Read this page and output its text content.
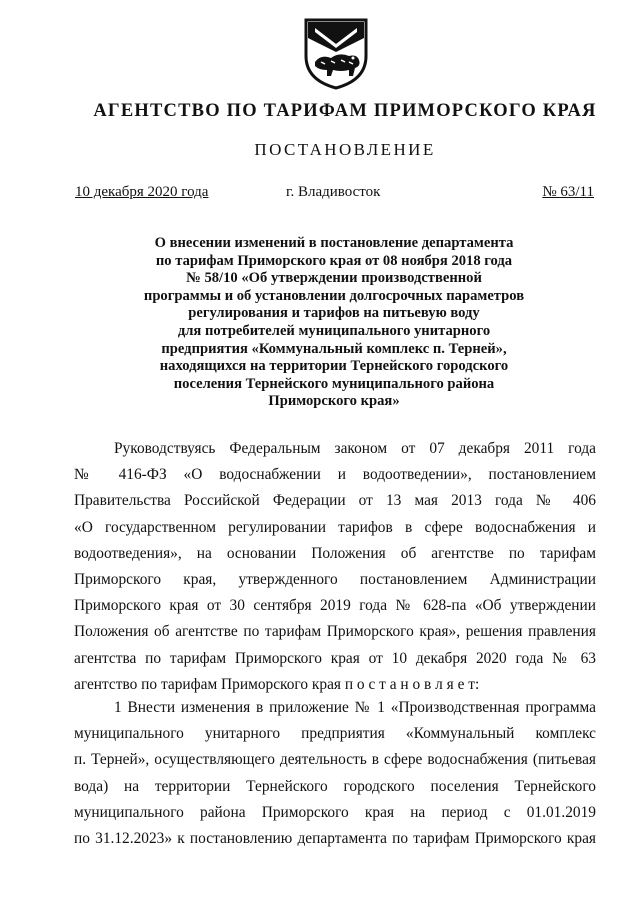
АГЕНТСТВО ПО ТАРИФАМ ПРИМОРСКОГО КРАЯ
ПОСТАНОВЛЕНИЕ
10 декабря 2020 года	г. Владивосток	№ 63/11
О внесении изменений в постановление департамента
по тарифам Приморского края от 08 ноября 2018 года
№ 58/10 «Об утверждении производственной
программы и об установлении долгосрочных параметров
регулирования и тарифов на питьевую воду
для потребителей муниципального унитарного
предприятия «Коммунальный комплекс п. Терней»,
находящихся на территории Тернейского городского
поселения Тернейского муниципального района
Приморского края»
Руководствуясь Федеральным законом от 07 декабря 2011 года
№ 416-ФЗ «О водоснабжении и водоотведении», постановлением
Правительства Российской Федерации от 13 мая 2013 года № 406
«О государственном регулировании тарифов в сфере водоснабжения и
водоотведения», на основании Положения об агентстве по тарифам
Приморского края, утвержденного постановлением Администрации
Приморского края от 30 сентября 2019 года № 628-па «Об утверждении
Положения об агентстве по тарифам Приморского края», решения правления
агентства по тарифам Приморского края от 10 декабря 2020 года № 63
агентство по тарифам Приморского края п о с т а н о в л я е т:
1 Внести изменения в приложение № 1 «Производственная программа
муниципального унитарного предприятия «Коммунальный комплекс
п. Терней», осуществляющего деятельность в сфере водоснабжения (питьевая
вода) на территории Тернейского городского поселения Тернейского
муниципального района Приморского края на период с 01.01.2019
по 31.12.2023» к постановлению департамента по тарифам Приморского края
